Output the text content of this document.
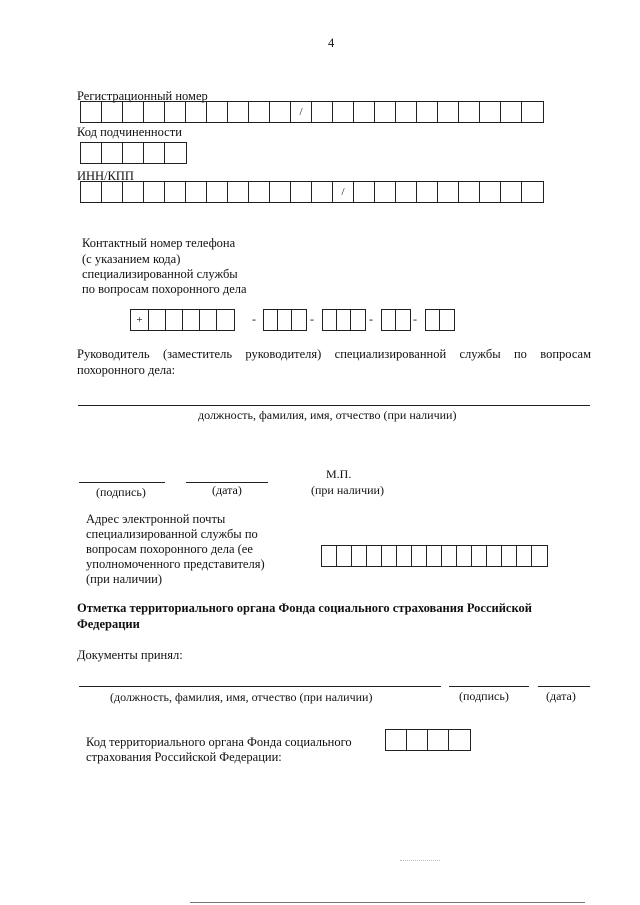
4
Регистрационный номер
/
Код подчиненности
ИНН/КПП
/
Контактный номер телефона
(с указанием кода)
специализированной службы
по вопросам похоронного дела
+	-	-	-	-
Руководитель (заместитель руководителя) специализированной службы по вопросам
похоронного дела:
должность, фамилия, имя, отчество (при наличии)
(подпись)	(дата)
М.П.
(при наличии)
Адрес электронной почты
специализированной службы по
вопросам похоронного дела (ее
уполномоченного представителя)
(при наличии)
Отметка территориального органа Фонда социального страхования Российской
Федерации
Документы принял:
(должность, фамилия, имя, отчество (при наличии)	(подпись)	(дата)
Код территориального органа Фонда социального
страхования Российской Федерации:
